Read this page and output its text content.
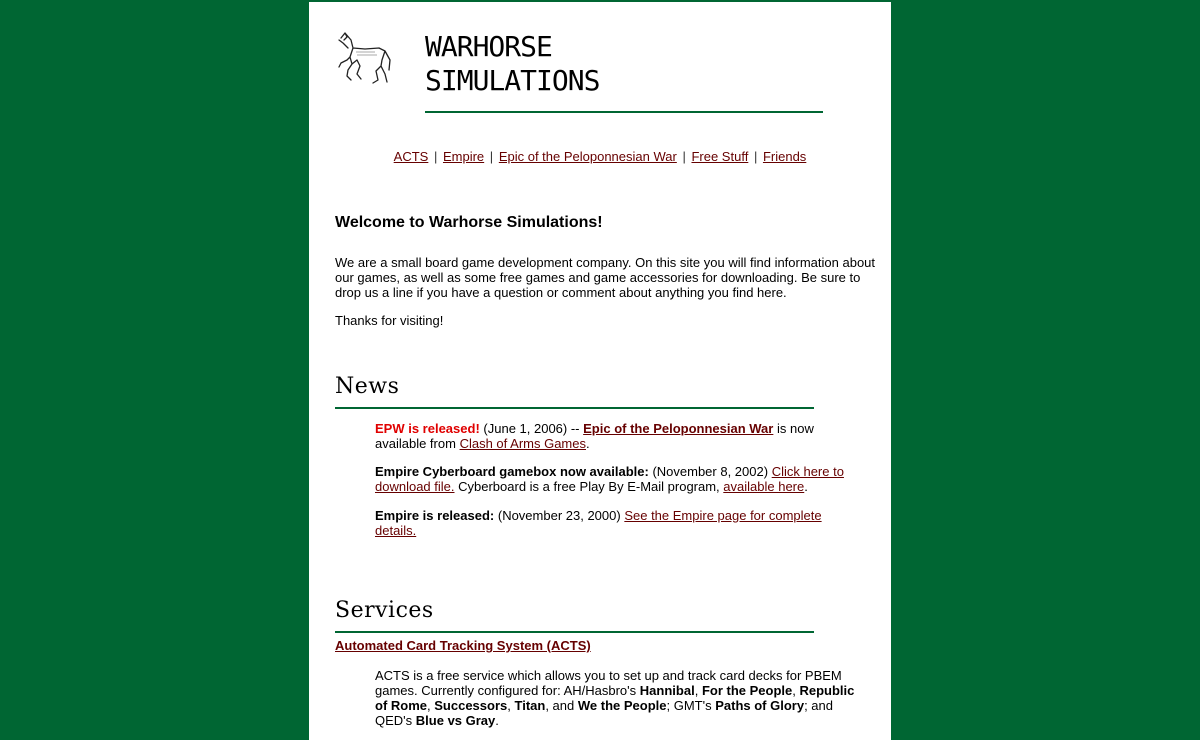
WARHORSE
SIMULATIONS
ACTS | Empire | Epic of the Peloponnesian War | Free Stuff | Friends
Welcome to Warhorse Simulations!

We are a small board game development company. On this site you will find information about our games, as well as some free games and game accessories for downloading. Be sure to drop us a line if you have a question or comment about anything you find here.

Thanks for visiting!

News

EPW is released! (June 1, 2006) -- Epic of the Peloponnesian War is now available from Clash of Arms Games.

Empire Cyberboard gamebox now available: (November 8, 2002) Click here to download file. Cyberboard is a free Play By E-Mail program, available here.

Empire is released: (November 23, 2000) See the Empire page for complete details.

Services
Automated Card Tracking System (ACTS)

ACTS is a free service which allows you to set up and track card decks for PBEM games. Currently configured for: AH/Hasbro's Hannibal, For the People, Republic of Rome, Successors, Titan, and We the People; GMT's Paths of Glory; and QED's Blue vs Gray.
